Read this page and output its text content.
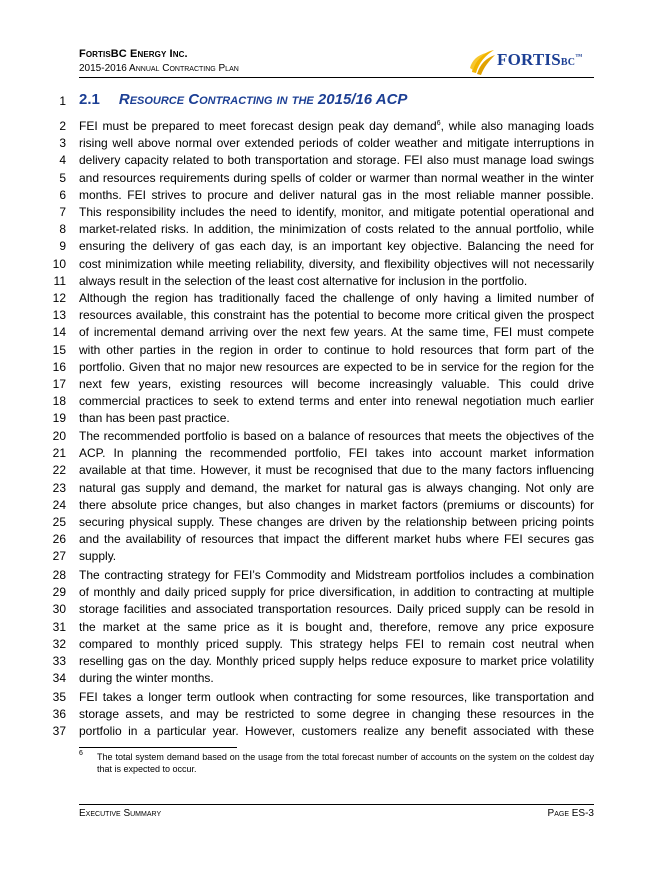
FortisBC Energy Inc.
2015-2016 Annual Contracting Plan	FORTISBC™
1 2.1 Resource Contracting in the 2015/16 ACP
2 FEI must be prepared to meet forecast design peak day demand$^6$, while also managing loads
3 rising well above normal over extended periods of colder weather and mitigate interruptions in
4 delivery capacity related to both transportation and storage. FEI also must manage load swings
5 and resources requirements during spells of colder or warmer than normal weather in the winter
6 months. FEI strives to procure and deliver natural gas in the most reliable manner possible.
7 This responsibility includes the need to identify, monitor, and mitigate potential operational and
8 market-related risks. In addition, the minimization of costs related to the annual portfolio, while
9 ensuring the delivery of gas each day, is an important key objective. Balancing the need for
10 cost minimization while meeting reliability, diversity, and flexibility objectives will not necessarily
11 always result in the selection of the least cost alternative for inclusion in the portfolio.
12 Although the region has traditionally faced the challenge of only having a limited number of
13 resources available, this constraint has the potential to become more critical given the prospect
14 of incremental demand arriving over the next few years. At the same time, FEI must compete
15 with other parties in the region in order to continue to hold resources that form part of the
16 portfolio. Given that no major new resources are expected to be in service for the region for the
17 next few years, existing resources will become increasingly valuable. This could drive
18 commercial practices to seek to extend terms and enter into renewal negotiation much earlier
19 than has been past practice.
20 The recommended portfolio is based on a balance of resources that meets the objectives of the
21 ACP. In planning the recommended portfolio, FEI takes into account market information
22 available at that time. However, it must be recognised that due to the many factors influencing
23 natural gas supply and demand, the market for natural gas is always changing. Not only are
24 there absolute price changes, but also changes in market factors (premiums or discounts) for
25 securing physical supply. These changes are driven by the relationship between pricing points
26 and the availability of resources that impact the different market hubs where FEI secures gas
27 supply.
28 The contracting strategy for FEI’s Commodity and Midstream portfolios includes a combination
29 of monthly and daily priced supply for price diversification, in addition to contracting at multiple
30 storage facilities and associated transportation resources. Daily priced supply can be resold in
31 the market at the same price as it is bought and, therefore, remove any price exposure
32 compared to monthly priced supply. This strategy helps FEI to remain cost neutral when
33 reselling gas on the day. Monthly priced supply helps reduce exposure to market price volatility
34 during the winter months.
35 FEI takes a longer term outlook when contracting for some resources, like transportation and
36 storage assets, and may be restricted to some degree in changing these resources in the
37 portfolio in a particular year. However, customers realize any benefit associated with these
6 The total system demand based on the usage from the total forecast number of accounts on the system on the coldest day that is expected to occur.
Executive Summary	Page ES-3
